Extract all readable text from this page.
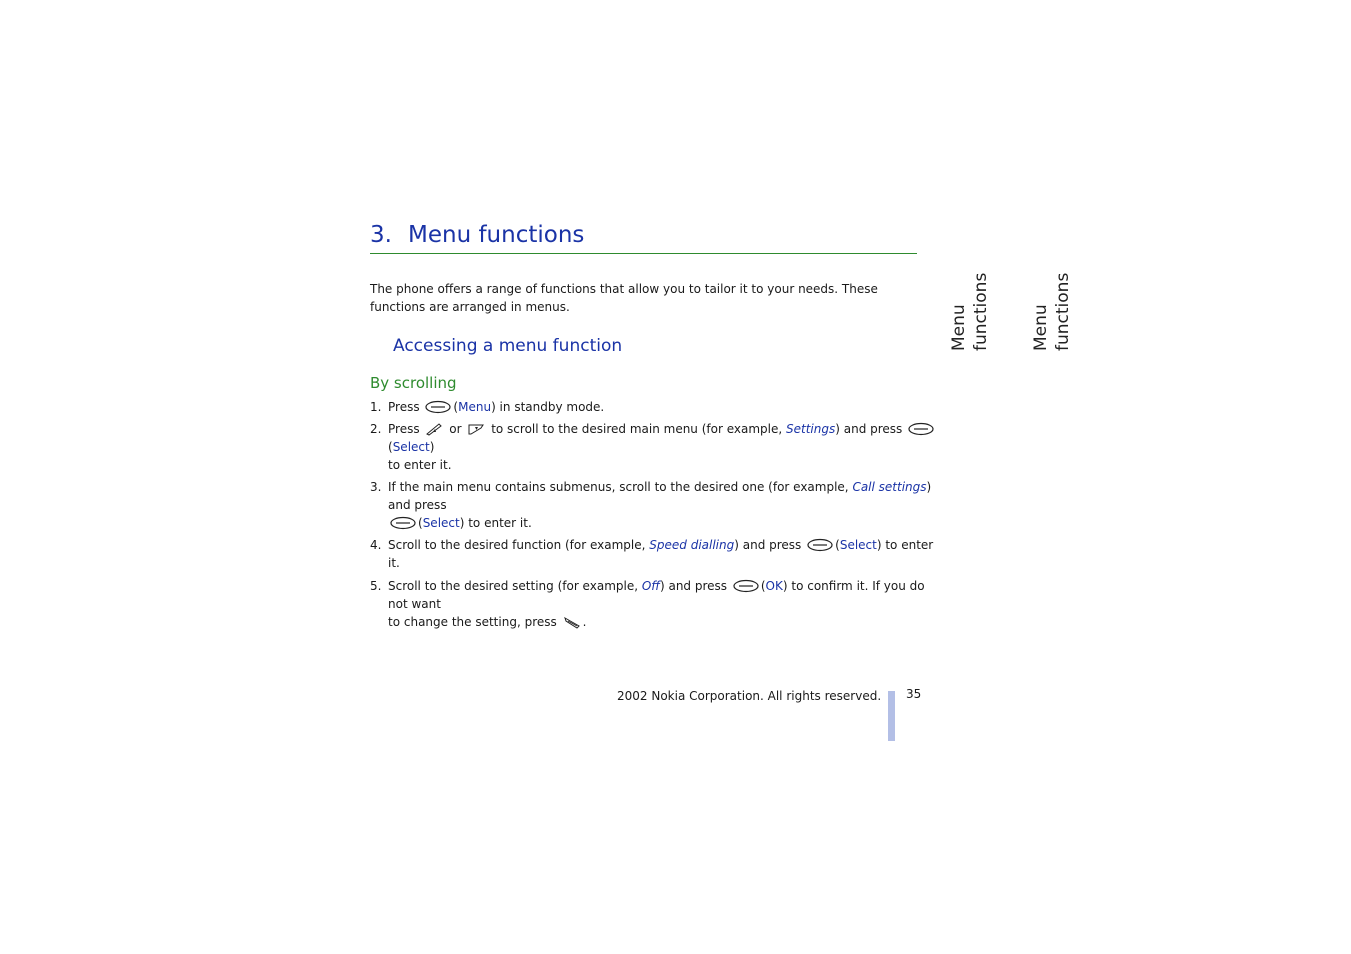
3. Menu functions

The phone offers a range of functions that allow you to tailor it to your needs. These functions are arranged in menus.

Accessing a menu function
By scrolling
1. Press	(Menu) in standby mode.
2. Press or to scroll to the desired main menu (for example, Settings) and press
(Select)
to enter it.
3. If the main menu contains submenus, scroll to the desired one (for example, Call settings) and press

(Select) to enter it.
4. Scroll to the desired function (for example, Speed dialling) and press	(Select) to enter it.
5. Scroll to the desired setting (for example, Off) and press	(OK) to confirm it. If you do not want
to change the setting, press .
Menu functions Menu functions
2002 Nokia Corporation. All rights reserved. 35
